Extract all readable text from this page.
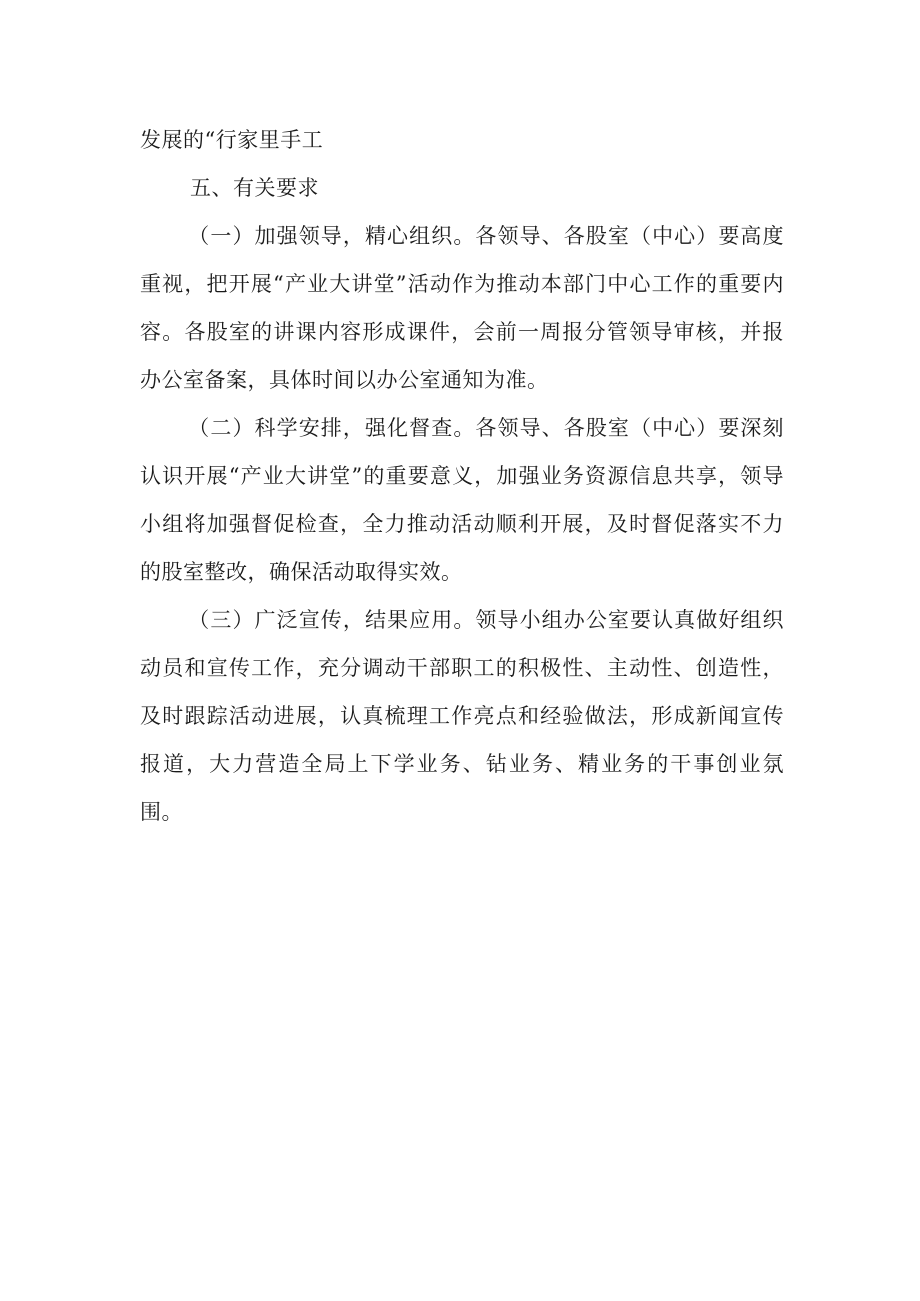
发展的“行家里手工

五、有关要求

（一）加强领导，精心组织。各领导、各股室（中心）要高度重视，把开展“产业大讲堂”活动作为推动本部门中心工作的重要内容。各股室的讲课内容形成课件，会前一周报分管领导审核，并报办公室备案，具体时间以办公室通知为准。

（二）科学安排，强化督查。各领导、各股室（中心）要深刻认识开展“产业大讲堂”的重要意义，加强业务资源信息共享，领导小组将加强督促检查，全力推动活动顺利开展，及时督促落实不力的股室整改，确保活动取得实效。

（三）广泛宣传，结果应用。领导小组办公室要认真做好组织动员和宣传工作，充分调动干部职工的积极性、主动性、创造性，及时跟踪活动进展，认真梳理工作亮点和经验做法，形成新闻宣传报道，大力营造全局上下学业务、钻业务、精业务的干事创业氛围。
